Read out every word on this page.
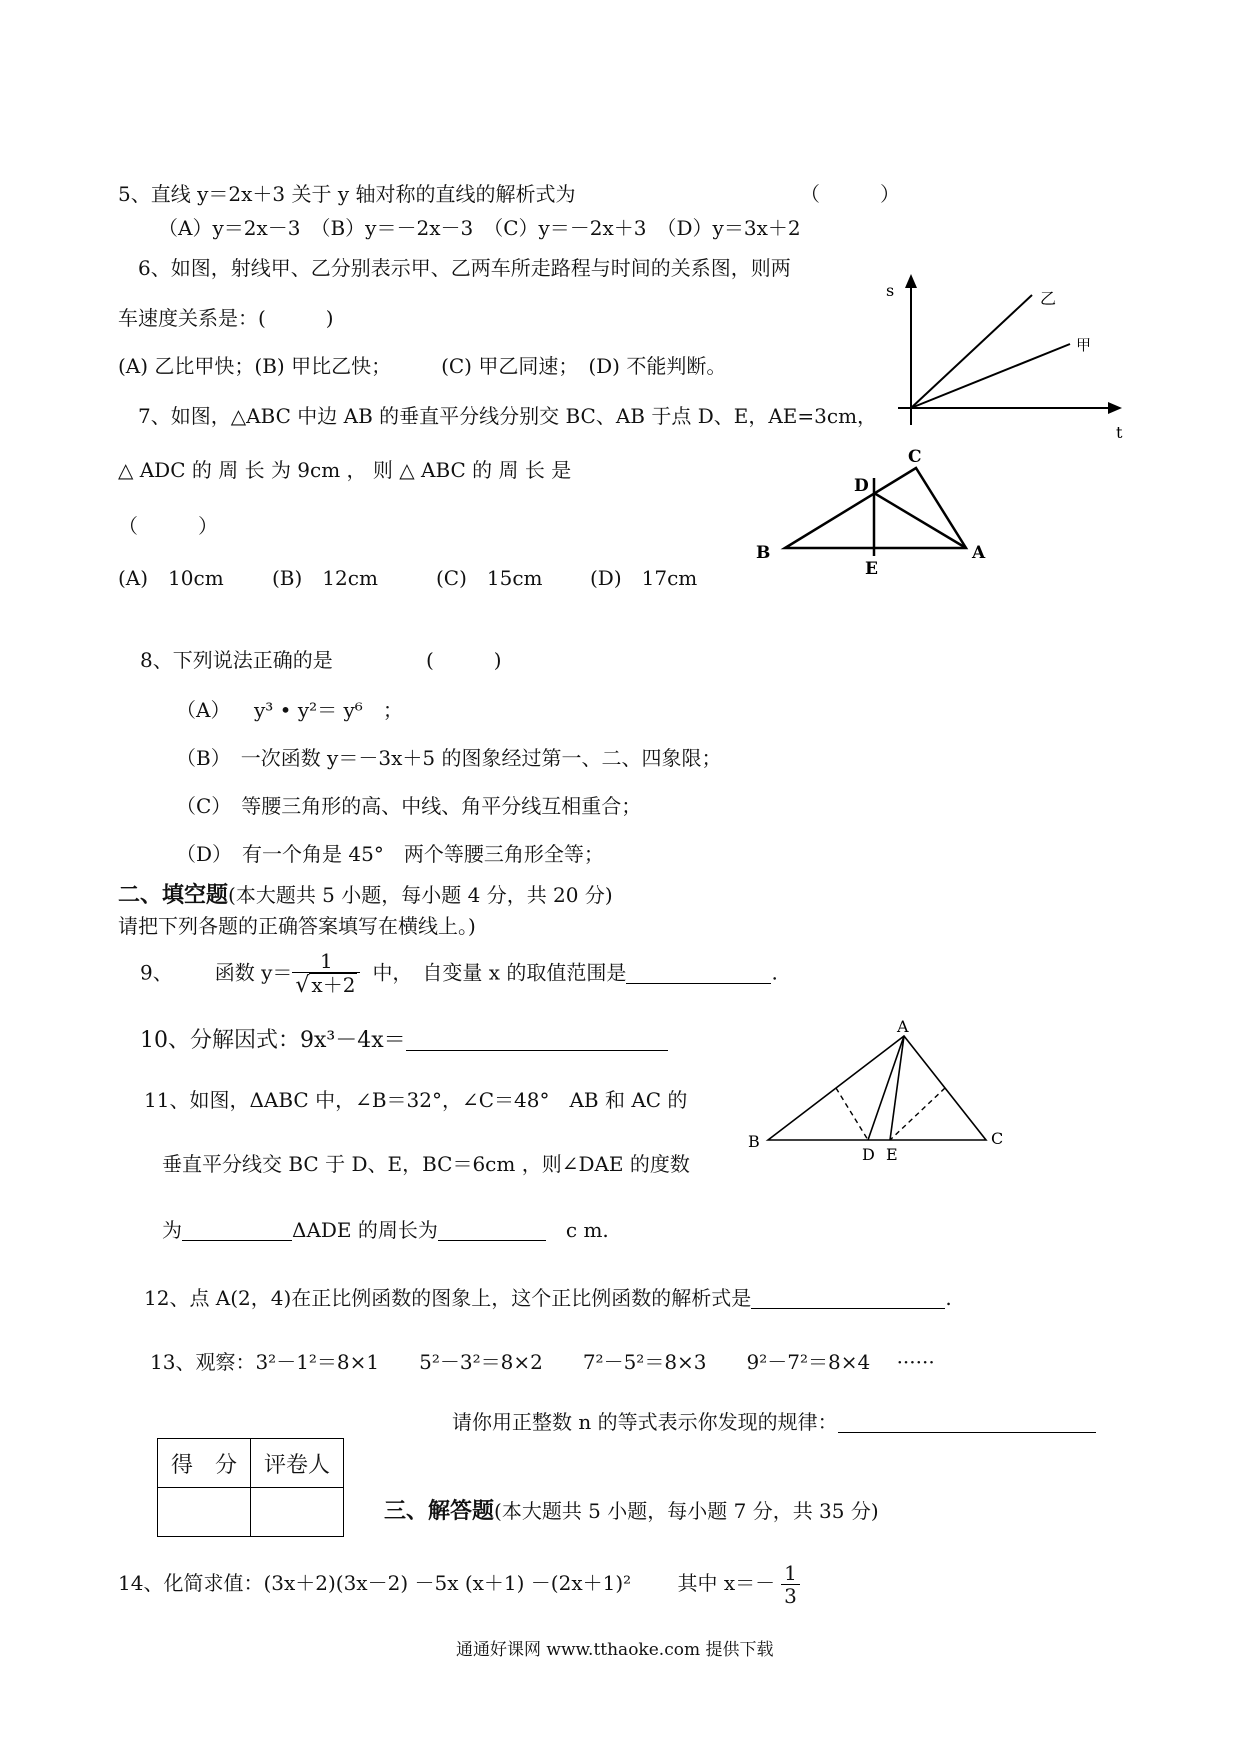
5、直线 y＝2x＋3 关于 y 轴对称的直线的解析式为	（　　　）
（A）y＝2x－3　（B）y＝－2x－3　（C）y＝－2x＋3　（D）y＝3x＋2
6、如图，射线甲、乙分别表示甲、乙两车所走路程与时间的关系图，则两
车速度关系是：(　　　)
(A) 乙比甲快；(B) 甲比乙快；　　　(C) 甲乙同速；　(D) 不能判断。
s
t
乙
甲
7、如图，△ABC 中边 AB 的垂直平分线分别交 BC、AB 于点 D、E，AE=3cm，
△ ADC 的 周 长 为 9cm ， 则 △ ABC 的 周 长 是
（　　　）
(A)　10cm (B)　12cm	(C)　15cm (D)　17cm
C
D
B
E
A
8、下列说法正确的是	(　　　)
（A） y³ • y²＝ y⁶　；
（B）　一次函数 y＝－3x＋5 的图象经过第一、二、四象限；
（C）　等腰三角形的高、中线、角平分线互相重合；
（D）　有一个角是 45°　两个等腰三角形全等；
二、填空题(本大题共 5 小题，每小题 4 分，共 20 分)
请把下列各题的正确答案填写在横线上。)
9、 函数 $y= \frac{1}{√ x+2}$ 中，　自变量 x 的取值范围是	.
10、分解因式：9x³－4x＝
11、如图，ΔABC 中，∠B＝32°，∠C＝48°　AB 和 AC 的
垂直平分线交 BC 于 D、E，BC＝6cm ，则∠DAE 的度数
为	ΔADE 的周长为	　c m.
A
B	C
D E
12、点 A(2，4)在正比例函数的图象上，这个正比例函数的解析式是	.
13、观察：3²－1²＝8×1　　5²－3²＝8×2　　7²－5²＝8×3　　9²－7²＝8×4　 ······
请你用正整数 n 的等式表示你发现的规律：
得　分	评卷人

三、解答题(本大题共 5 小题，每小题 7 分，共 35 分)
14、化简求值：(3x＋2)(3x－2) －5x (x＋1) －(2x＋1)²　　 其中 $x=- \frac{1}{3}$
通通好课网 www.tthaoke.com 提供下载
